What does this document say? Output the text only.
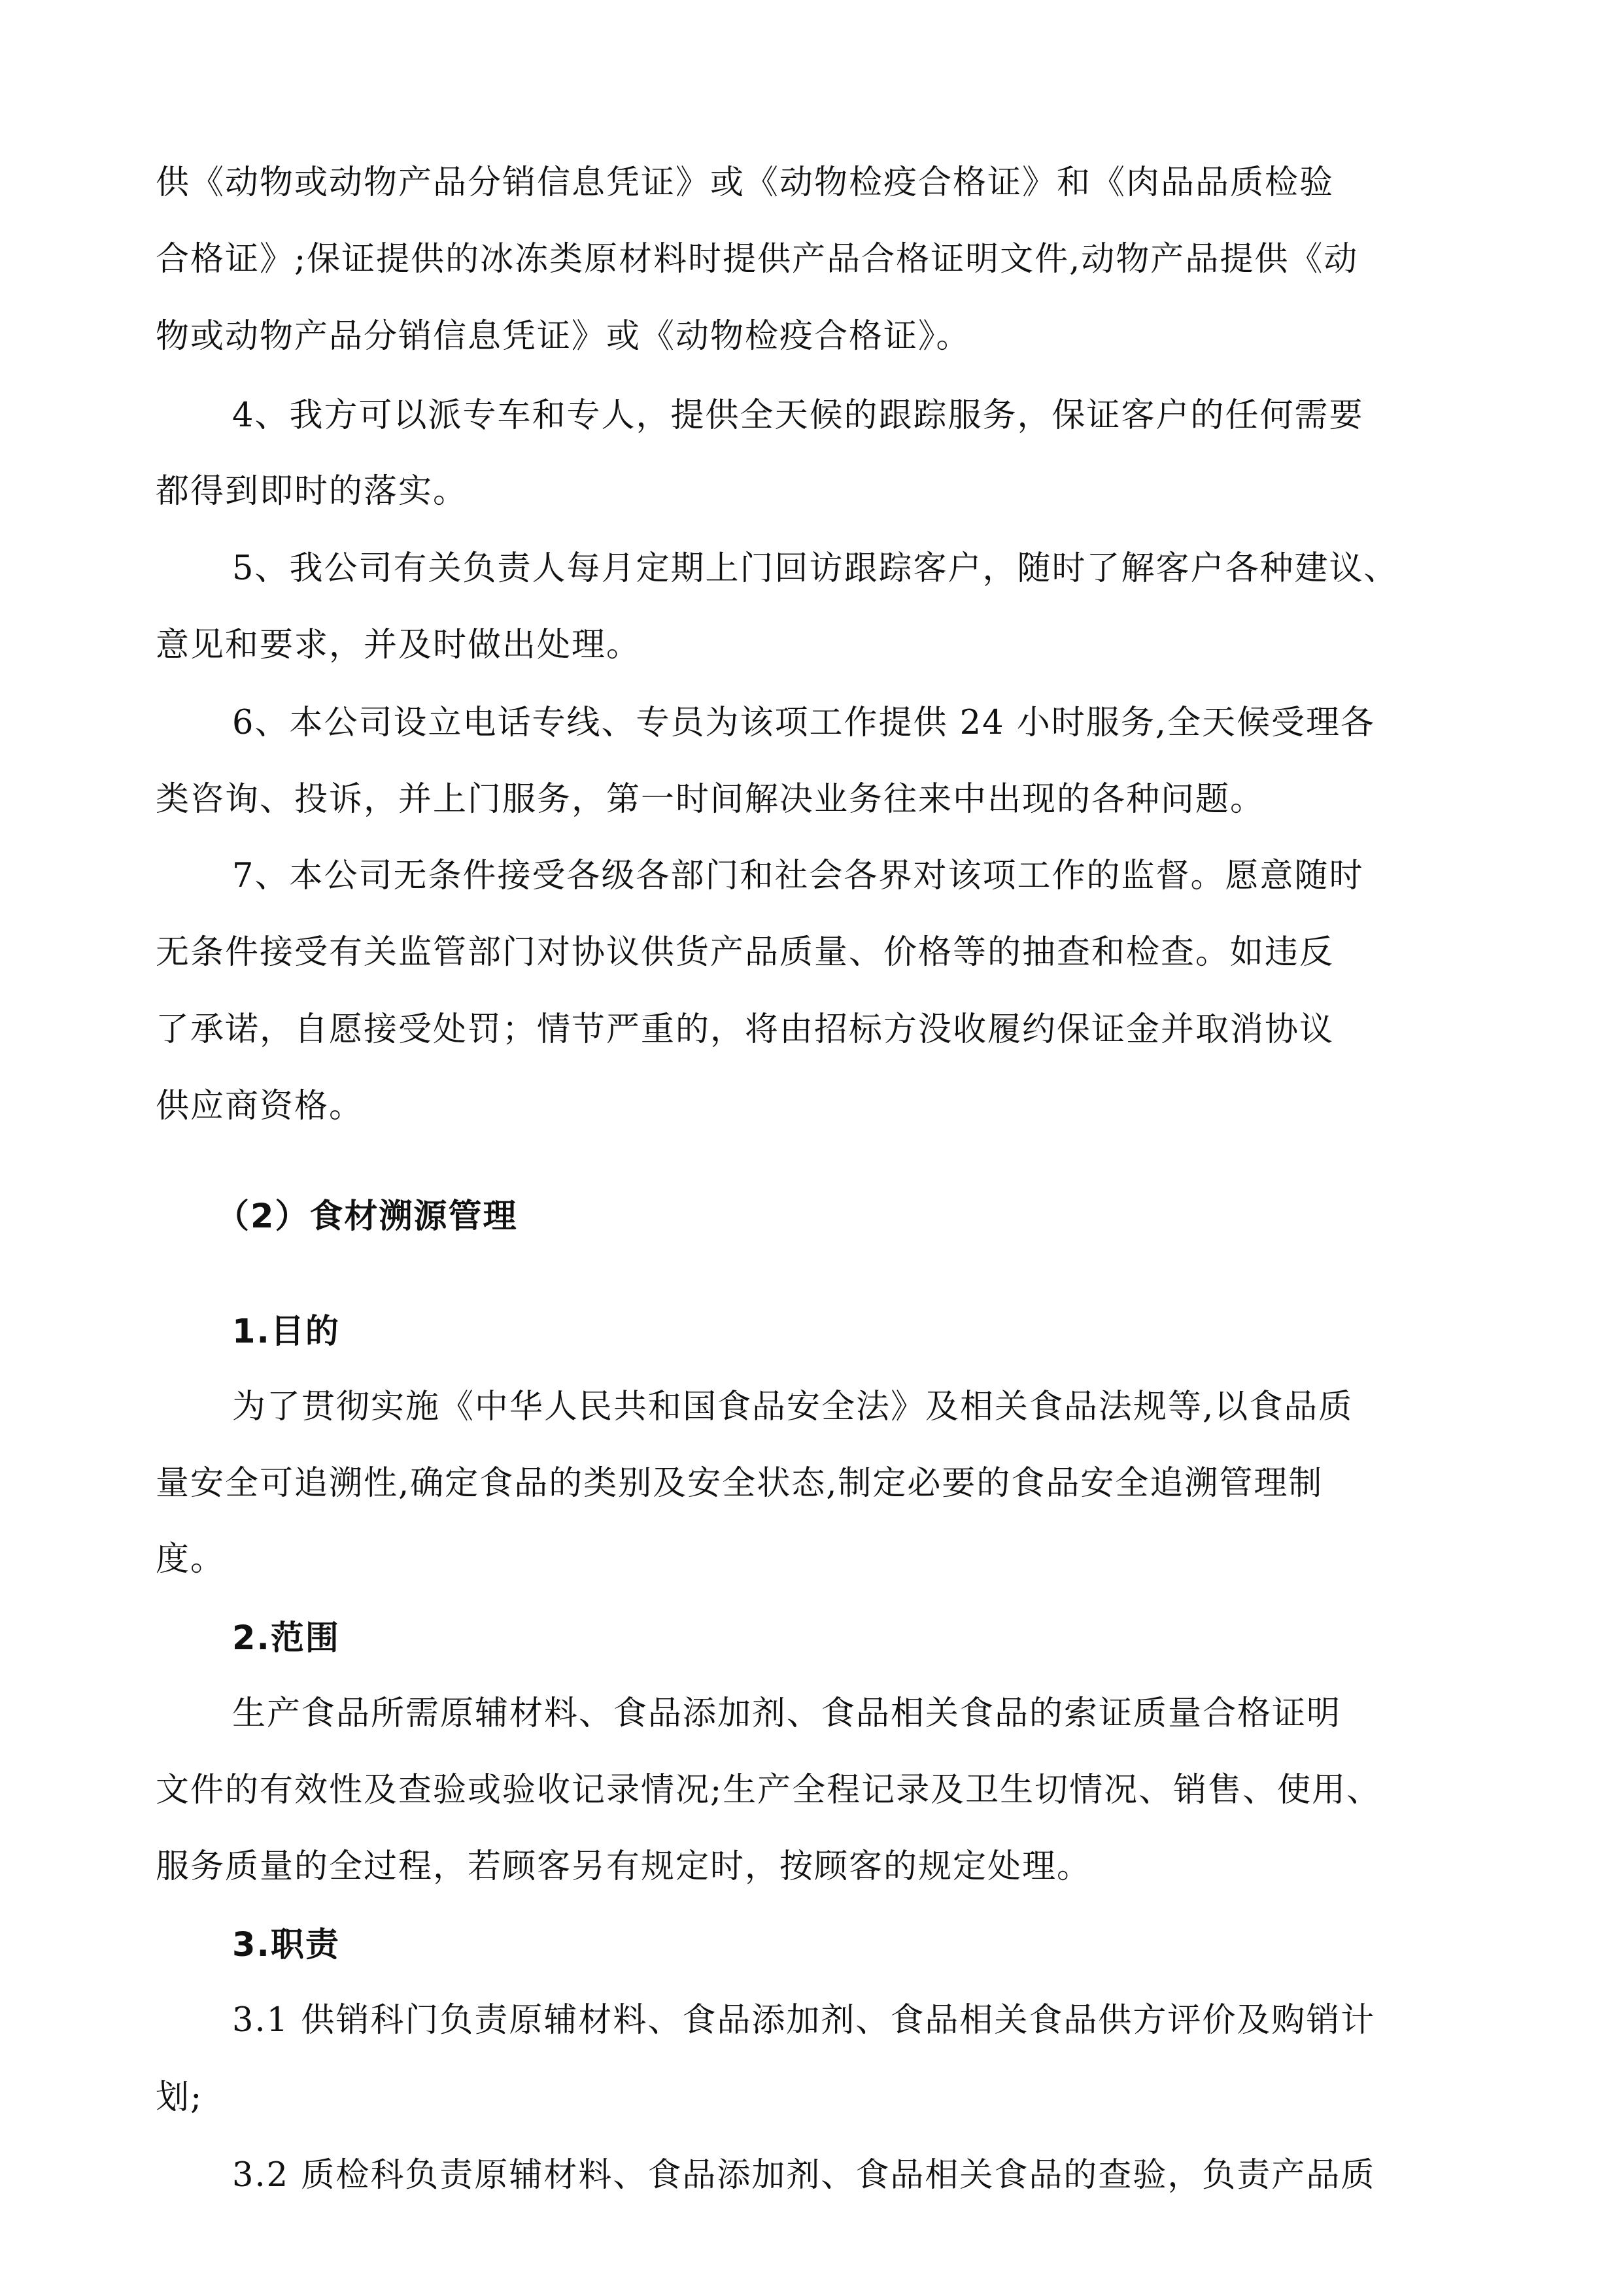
供《动物或动物产品分销信息凭证》或《动物检疫合格证》和《肉品品质检验
合格证》;保证提供的冰冻类原材料时提供产品合格证明文件,动物产品提供《动
物或动物产品分销信息凭证》或《动物检疫合格证》。
4、我方可以派专车和专人，提供全天候的跟踪服务，保证客户的任何需要
都得到即时的落实。
5、我公司有关负责人每月定期上门回访跟踪客户，随时了解客户各种建议、
意见和要求，并及时做出处理。
6、本公司设立电话专线、专员为该项工作提供 24 小时服务,全天候受理各
类咨询、投诉，并上门服务，第一时间解决业务往来中出现的各种问题。
7、本公司无条件接受各级各部门和社会各界对该项工作的监督。愿意随时
无条件接受有关监管部门对协议供货产品质量、价格等的抽查和检查。如违反
了承诺，自愿接受处罚；情节严重的，将由招标方没收履约保证金并取消协议
供应商资格。
（2）食材溯源管理
1.目的
为了贯彻实施《中华人民共和国食品安全法》及相关食品法规等,以食品质
量安全可追溯性,确定食品的类别及安全状态,制定必要的食品安全追溯管理制
度。
2.范围
生产食品所需原辅材料、食品添加剂、食品相关食品的索证质量合格证明
文件的有效性及查验或验收记录情况;生产全程记录及卫生切情况、销售、使用、
服务质量的全过程，若顾客另有规定时，按顾客的规定处理。
3.职责
3.1 供销科门负责原辅材料、食品添加剂、食品相关食品供方评价及购销计
划;
3.2 质检科负责原辅材料、食品添加剂、食品相关食品的查验，负责产品质
